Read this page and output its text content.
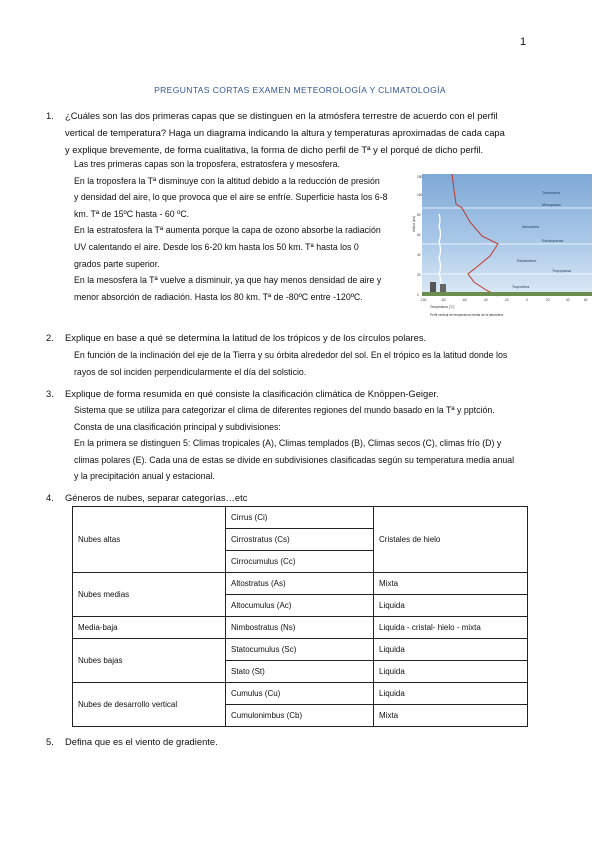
1
PREGUNTAS CORTAS EXAMEN METEOROLOGÍA Y CLIMATOLOGÍA
1. ¿Cuáles son las dos primeras capas que se distinguen en la atmósfera terrestre de acuerdo con el perfil
vertical de temperatura? Haga un diagrama indicando la altura y temperaturas aproximadas de cada capa
y explique brevemente, de forma cualitativa, la forma de dicho perfil de Tª y el porqué de dicho perfil.
Las tres primeras capas son la troposfera, estratosfera y mesosfera.
En la troposfera la Tª disminuye con la altitud debido a la reducción de presión
y densidad del aire, lo que provoca que el aire se enfríe. Superficie hasta los 6-8
km. Tª de 15ºC hasta - 60 ºC.
En la estratosfera la Tª aumenta porque la capa de ozono absorbe la radiación
UV calentando el aire. Desde los 6-20 km hasta los 50 km. Tª hasta los 0
grados parte superior.
En la mesosfera la Tª vuelve a disminuir, ya que hay menos densidad de aire y
menor absorción de radiación. Hasta los 80 km. Tª de -80ºC entre -120ºC.
Termosfera
Mesopausa
Mesosfera
Estratopausa
Estratosfera
Tropopausa
Troposfera
Altitud (km)
150
100
80
60
40
20
0
-100	-80	-60	-40	-20	0	20	40	60
Temperatura (°C)
Perfil vertical de temperatura media de la atmósfera
2. Explique en base a qué se determina la latitud de los trópicos y de los círculos polares.
En función de la inclinación del eje de la Tierra y su órbita alrededor del sol. En el trópico es la latitud donde los
rayos de sol inciden perpendicularmente el día del solsticio.
3. Explique de forma resumida en qué consiste la clasificación climática de Knöppen-Geiger.
Sistema que se utiliza para categorizar el clima de diferentes regiones del mundo basado en la Tª y pptción.
Consta de una clasificación principal y subdivisiones:
En la primera se distinguen 5: Climas tropicales (A), Climas templados (B), Climas secos (C), climas frío (D) y
climas polares (E). Cada una de estas se divide en subdivisiones clasificadas según su temperatura media anual
y la precipitación anual y estacional.
4. Géneros de nubes, separar categorías…etc
Nubes altas	Cirrus (Ci)	Cristales de hielo
	Cirrostratus (Cs)	
	Cirrocumulus (Cc)	
Nubes medias	Altostratus (As)	Mixta
	Altocumulus (Ac)	Liquida
Media-baja	Nimbostratus (Ns)	Liquida - cristal- hielo - mixta
Nubes bajas	Statocumulus (Sc)	Liquida
	Stato (St)	Liquida
Nubes de desarrollo vertical	Cumulus (Cu)	Liquida
	Cumulonimbus (Cb)	Mixta
5. Defina que es el viento de gradiente.
